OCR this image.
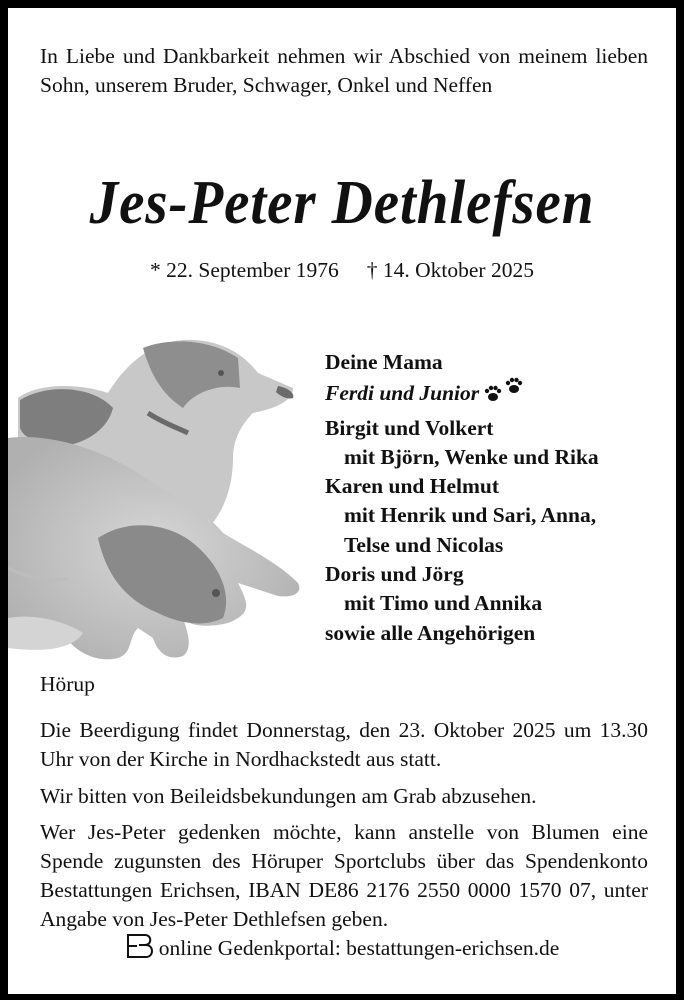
In Liebe und Dankbarkeit nehmen wir Abschied von meinem lieben Sohn, unserem Bruder, Schwager, Onkel und Neffen
Jes-Peter Dethlefsen
* 22. September 1976 † 14. Oktober 2025
Deine Mama
Ferdi und Junior
Birgit und Volkert
mit Björn, Wenke und Rika
Karen und Helmut
mit Henrik und Sari, Anna,
Telse und Nicolas
Doris und Jörg
mit Timo und Annika
sowie alle Angehörigen
Hörup
Die Beerdigung findet Donnerstag, den 23. Oktober 2025 um 13.30 Uhr von der Kirche in Nordhackstedt aus statt.
Wir bitten von Beileidsbekundungen am Grab abzusehen.
Wer Jes-Peter gedenken möchte, kann anstelle von Blumen eine Spende zugunsten des Höruper Sportclubs über das Spendenkonto Bestattungen Erichsen, IBAN DE86 2176 2550 0000 1570 07, unter Angabe von Jes-Peter Dethlefsen geben.
online Gedenkportal: bestattungen-erichsen.de
